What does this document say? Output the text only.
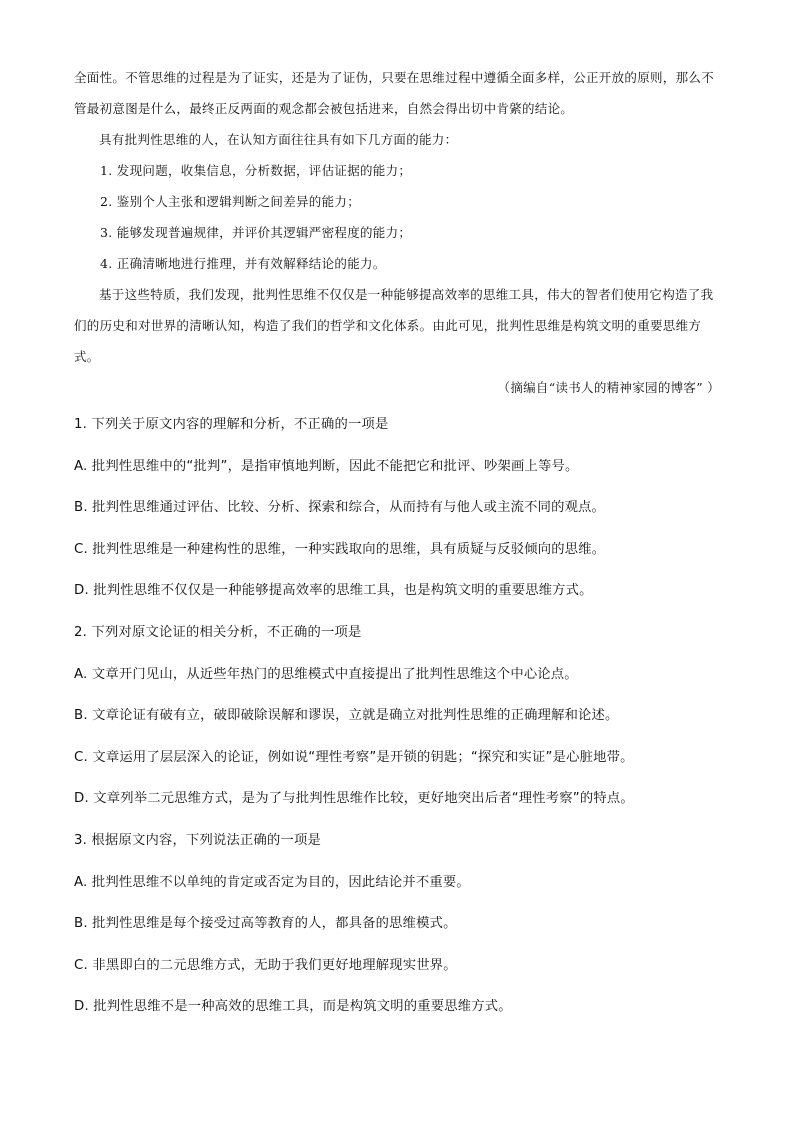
全面性。不管思维的过程是为了证实，还是为了证伪，只要在思维过程中遵循全面多样，公正开放的原则，那么不管最初意图是什么，最终正反两面的观念都会被包括进来，自然会得出切中肯綮的结论。

具有批判性思维的人，在认知方面往往具有如下几方面的能力：

1. 发现问题，收集信息，分析数据，评估证据的能力；

2. 鉴别个人主张和逻辑判断之间差异的能力；

3. 能够发现普遍规律，并评价其逻辑严密程度的能力；

4. 正确清晰地进行推理，并有效解释结论的能力。

基于这些特质，我们发现，批判性思维不仅仅是一种能够提高效率的思维工具，伟大的智者们使用它构造了我们的历史和对世界的清晰认知，构造了我们的哲学和文化体系。由此可见，批判性思维是构筑文明的重要思维方式。

（摘编自“读书人的精神家园的博客” ）

1. 下列关于原文内容的理解和分析，不正确的一项是
A. 批判性思维中的“批判”，是指审慎地判断，因此不能把它和批评、吵架画上等号。
B. 批判性思维通过评估、比较、分析、探索和综合，从而持有与他人或主流不同的观点。
C. 批判性思维是一种建构性的思维，一种实践取向的思维，具有质疑与反驳倾向的思维。
D. 批判性思维不仅仅是一种能够提高效率的思维工具，也是构筑文明的重要思维方式。
2. 下列对原文论证的相关分析，不正确的一项是
A. 文章开门见山，从近些年热门的思维模式中直接提出了批判性思维这个中心论点。
B. 文章论证有破有立，破即破除误解和谬误，立就是确立对批判性思维的正确理解和论述。
C. 文章运用了层层深入的论证，例如说“理性考察”是开锁的钥匙；“探究和实证”是心脏地带。
D. 文章列举二元思维方式，是为了与批判性思维作比较，更好地突出后者“理性考察”的特点。
3. 根据原文内容，下列说法正确的一项是
A. 批判性思维不以单纯的肯定或否定为目的，因此结论并不重要。
B. 批判性思维是每个接受过高等教育的人，都具备的思维模式。
C. 非黑即白的二元思维方式，无助于我们更好地理解现实世界。
D. 批判性思维不是一种高效的思维工具，而是构筑文明的重要思维方式。
